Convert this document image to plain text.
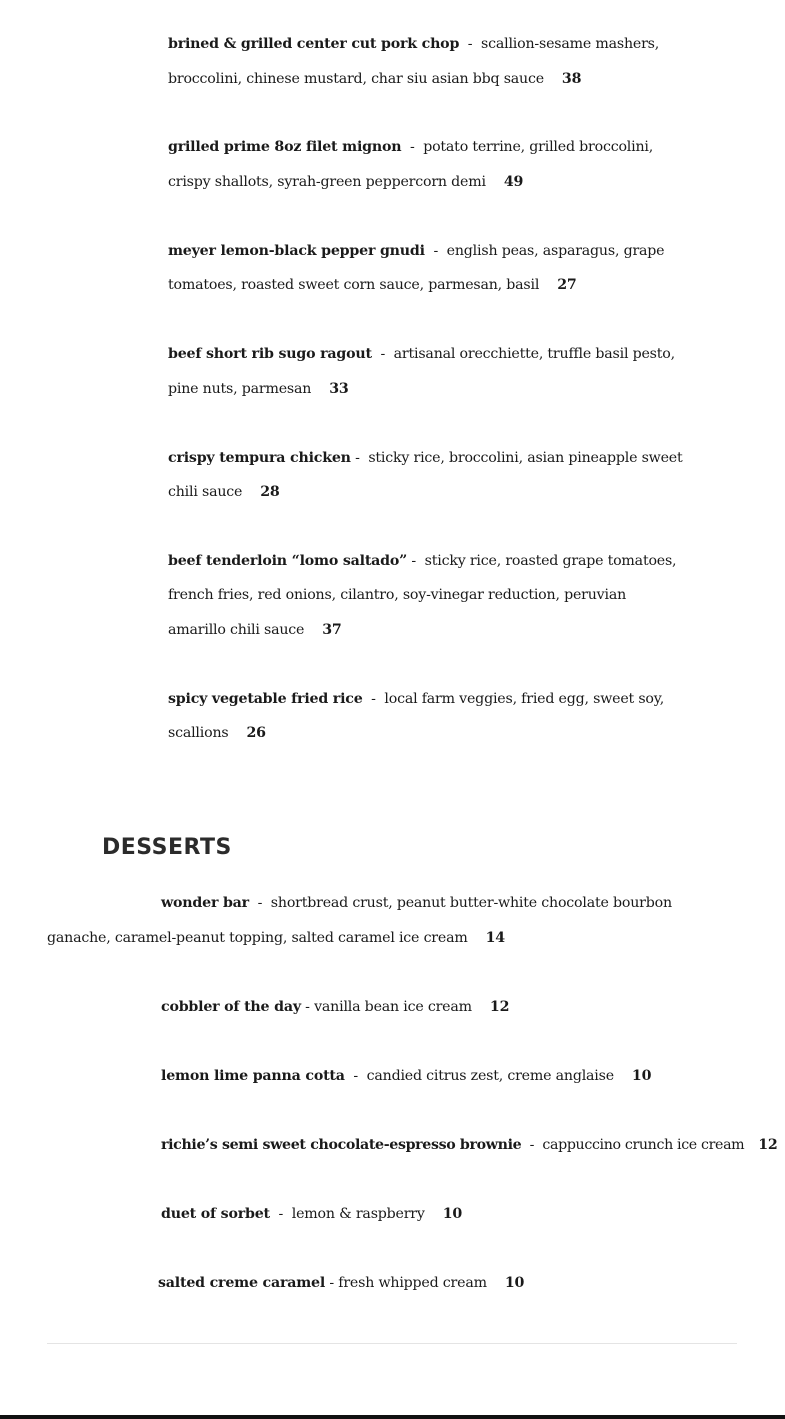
brined & grilled center cut pork chop  -  scallion-sesame mashers, broccolini, chinese mustard, char siu asian bbq sauce 38
grilled prime 8oz filet mignon  -  potato terrine, grilled broccolini, crispy shallots, syrah-green peppercorn demi 49
meyer lemon-black pepper gnudi  -  english peas, asparagus, grape tomatoes, roasted sweet corn sauce, parmesan, basil 27
beef short rib sugo ragout  -  artisanal orecchiette, truffle basil pesto, pine nuts, parmesan 33
crispy tempura chicken -  sticky rice, broccolini, asian pineapple sweet chili sauce 28
beef tenderloin “lomo saltado” -  sticky rice, roasted grape tomatoes, french fries, red onions, cilantro, soy-vinegar reduction, peruvian amarillo chili sauce 37
spicy vegetable fried rice  -  local farm veggies, fried egg, sweet soy, scallions 26
DESSERTS
wonder bar  -  shortbread crust, peanut butter-white chocolate bourbon ganache, caramel-peanut topping, salted caramel ice cream 14
cobbler of the day - vanilla bean ice cream 12
lemon lime panna cotta  -  candied citrus zest, creme anglaise 10
richie’s semi sweet chocolate-espresso brownie  -  cappuccino crunch ice cream 12
duet of sorbet  -  lemon & raspberry 10
salted creme caramel - fresh whipped cream 10
